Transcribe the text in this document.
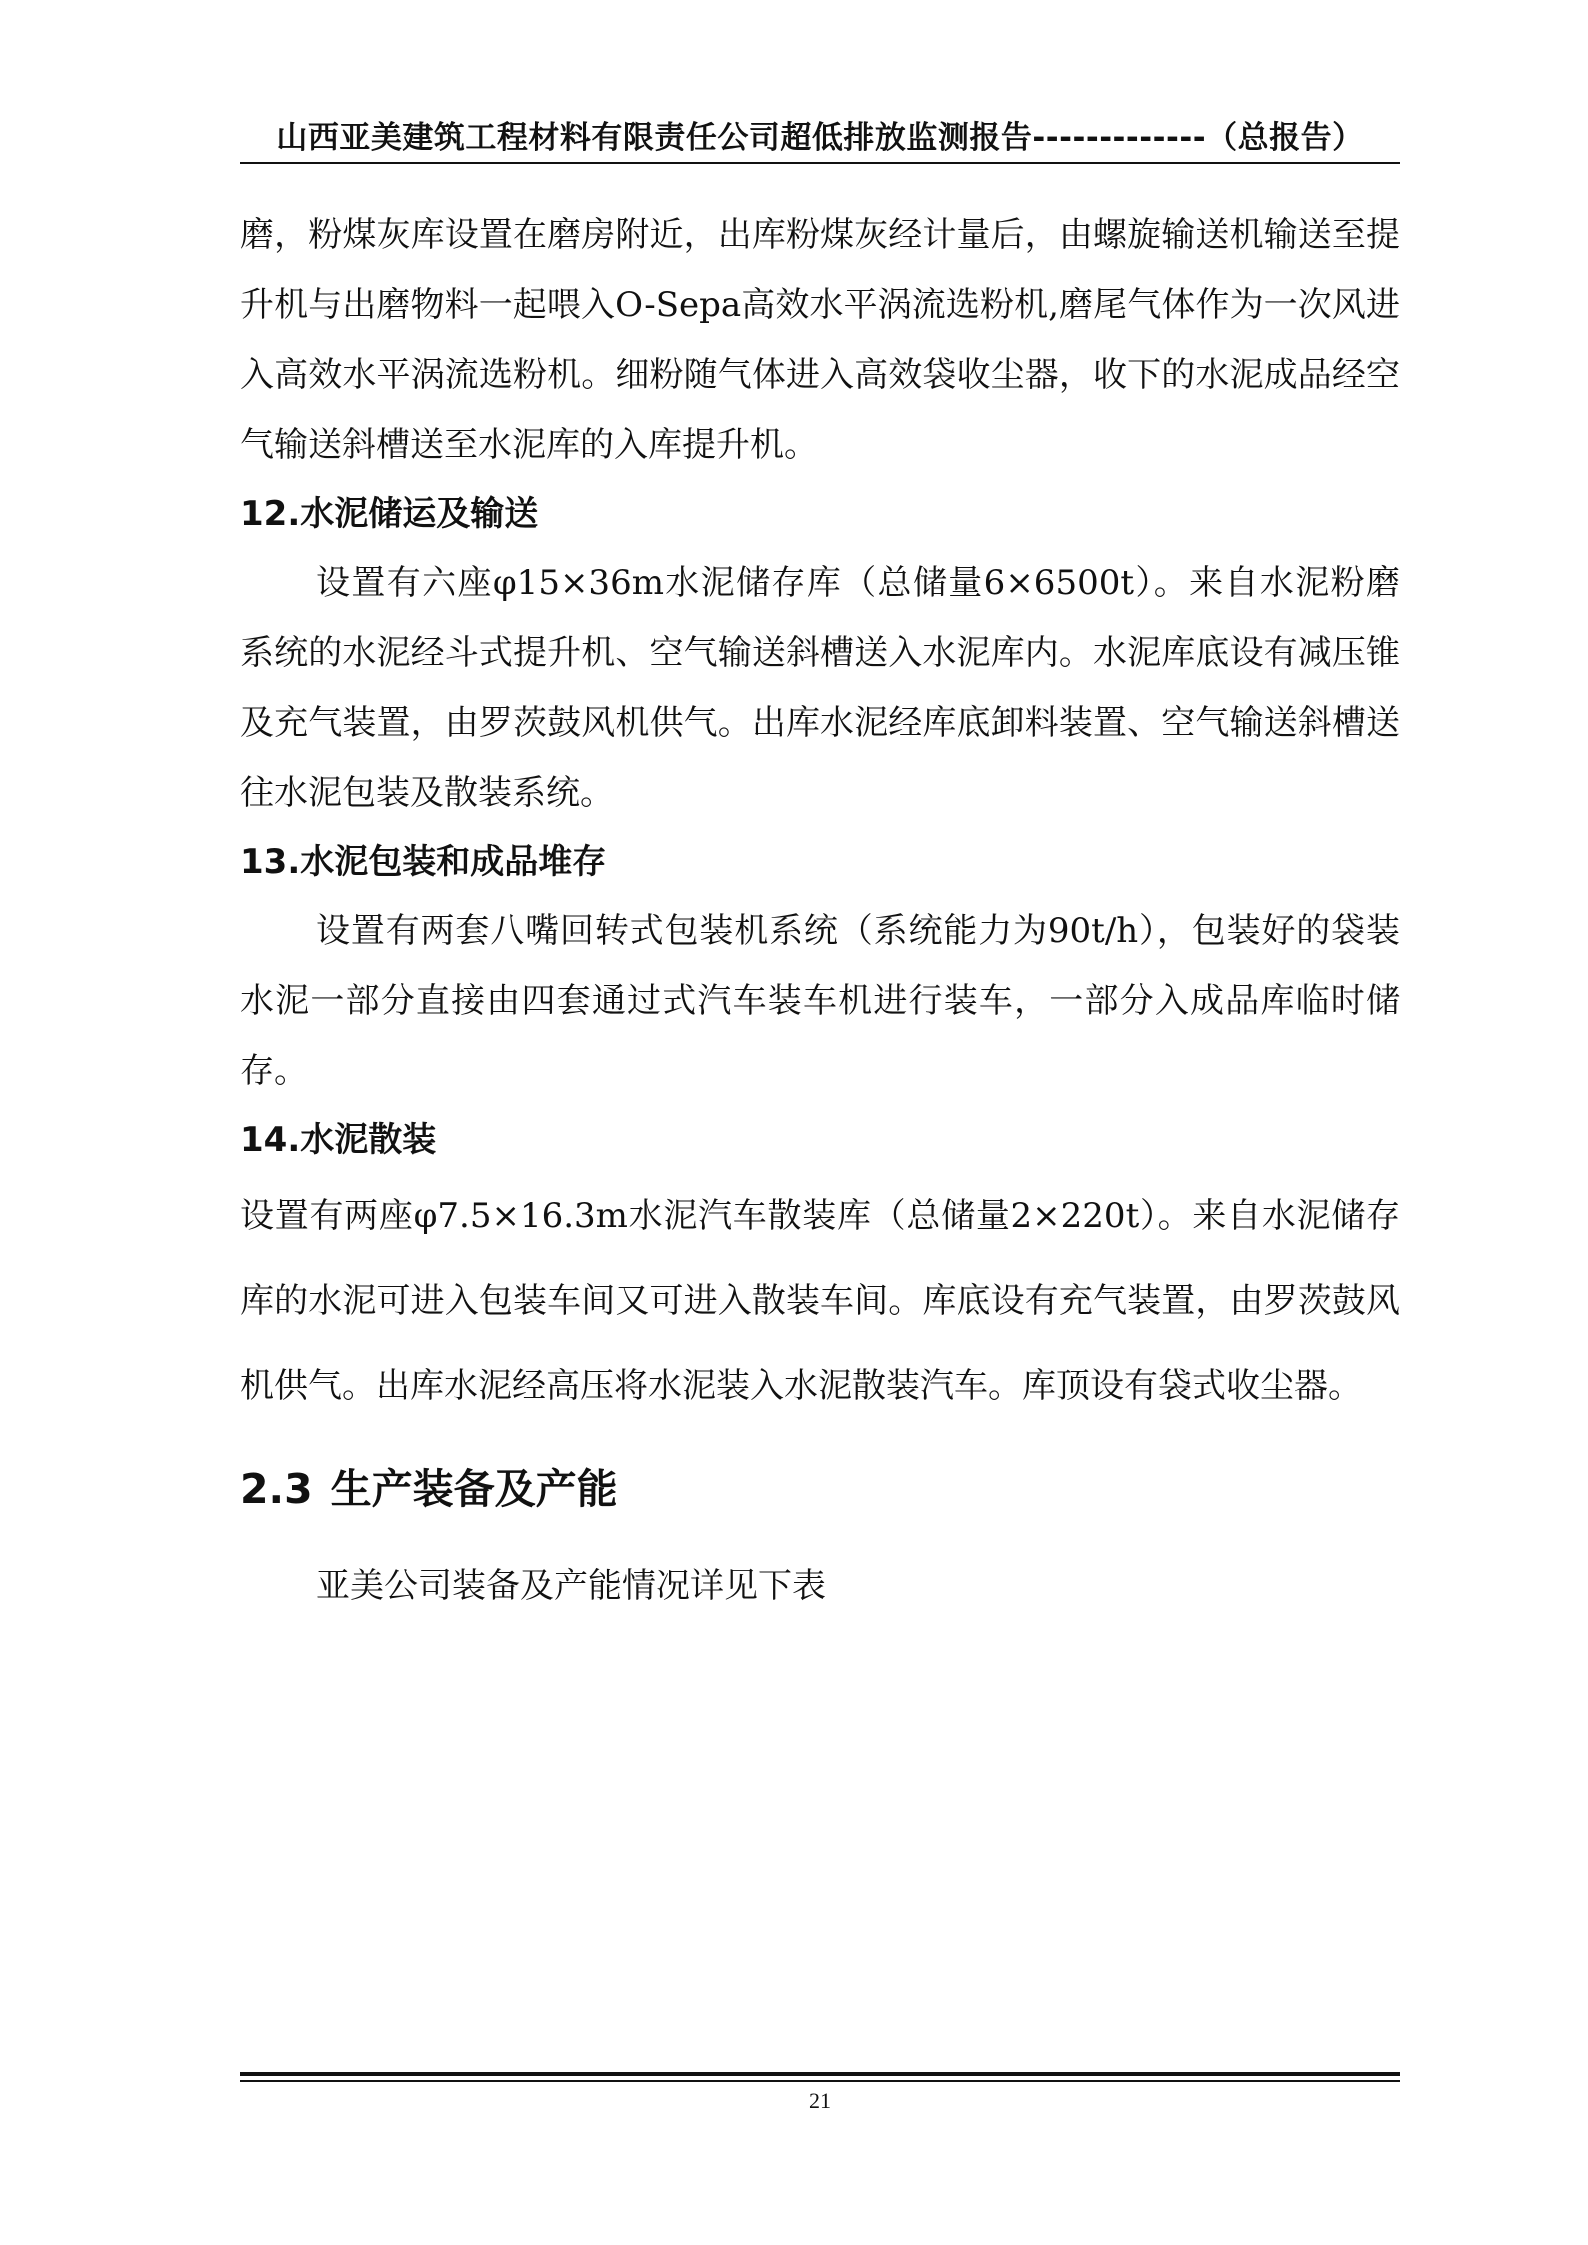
山西亚美建筑工程材料有限责任公司超低排放监测报告-------------（总报告）

磨，粉煤灰库设置在磨房附近，出库粉煤灰经计量后，由螺旋输送机输送至提升机与出磨物料一起喂入O-Sepa高效水平涡流选粉机,磨尾气体作为一次风进入高效水平涡流选粉机。细粉随气体进入高效袋收尘器，收下的水泥成品经空气输送斜槽送至水泥库的入库提升机。

12.水泥储运及输送

设置有六座φ15×36m水泥储存库（总储量6×6500t）。来自水泥粉磨系统的水泥经斗式提升机、空气输送斜槽送入水泥库内。水泥库底设有减压锥及充气装置，由罗茨鼓风机供气。出库水泥经库底卸料装置、空气输送斜槽送往水泥包装及散装系统。

13.水泥包装和成品堆存

设置有两套八嘴回转式包装机系统（系统能力为90t/h），包装好的袋装水泥一部分直接由四套通过式汽车装车机进行装车，一部分入成品库临时储存。

14.水泥散装

设置有两座φ7.5×16.3m水泥汽车散装库（总储量2×220t）。来自水泥储存库的水泥可进入包装车间又可进入散装车间。库底设有充气装置，由罗茨鼓风机供气。出库水泥经高压将水泥装入水泥散装汽车。库顶设有袋式收尘器。

2.3 生产装备及产能

亚美公司装备及产能情况详见下表

21
